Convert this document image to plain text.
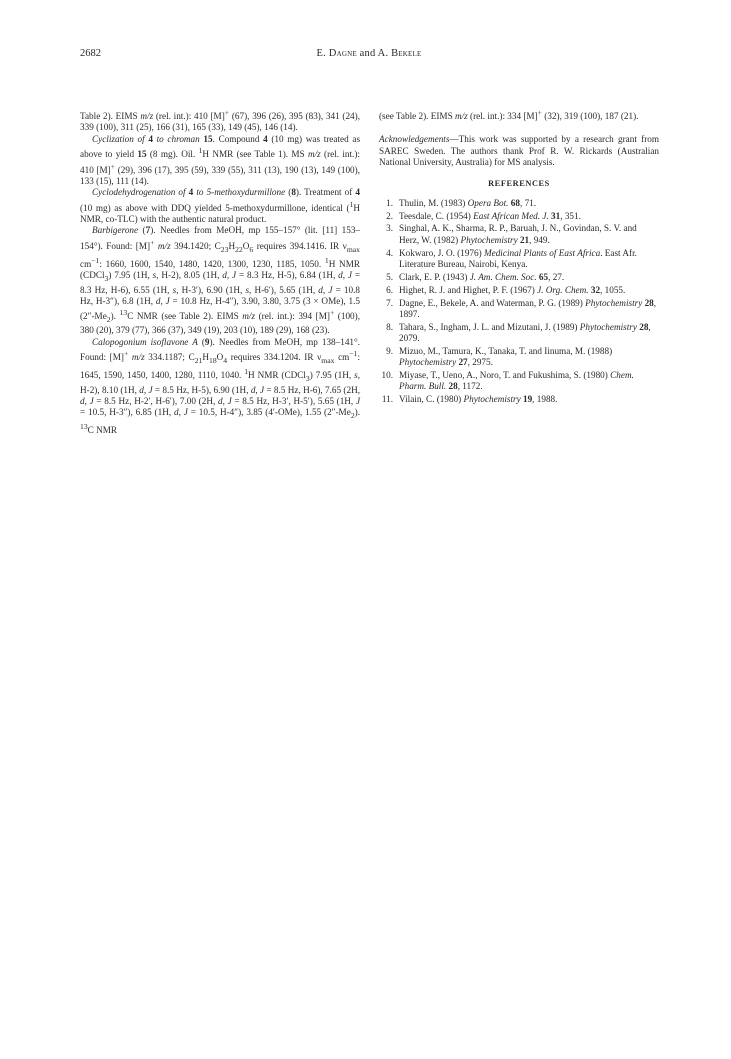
2682	E. Dagne and A. Bekele

Table 2). EIMS m/z (rel. int.): 410 [M]+ (67), 396 (26), 395 (83), 341 (24), 339 (100), 311 (25), 166 (31), 165 (33), 149 (45), 146 (14).

Cyclization of 4 to chroman 15. Compound 4 (10 mg) was treated as above to yield 15 (8 mg). Oil. $^1$H NMR (see Table 1). MS m/z (rel. int.): 410 [M]+ (29), 396 (17), 395 (59), 339 (55), 311 (13), 190 (13), 149 (100), 133 (15), 111 (14).

Cyclodehydrogenation of 4 to 5-methoxydurmillone (8). Treatment of 4 (10 mg) as above with DDQ yielded 5-methoxydurmillone, identical ($^1$H NMR, co-TLC) with the authentic natural product.

Barbigerone (7). Needles from MeOH, mp 155–157° (lit. [11] 153–154°). Found: [M]+ m/z 394.1420; $C_{23}H_{22}O_6$ requires 394.1416. IR $\nu_{max}$ $cm^{-1}$: 1660, 1600, 1540, 1480, 1420, 1300, 1230, 1185, 1050. $^1$H NMR (CDCl$_3$) 7.95 (1H, s, H-2), 8.05 (1H, d, J = 8.3 Hz, H-5), 6.84 (1H, d, J = 8.3 Hz, H-6), 6.55 (1H, s, H-3′), 6.90 (1H, s, H-6′), 5.65 (1H, d, J = 10.8 Hz, H-3″), 6.8 (1H, d, J = 10.8 Hz, H-4″), 3.90, 3.80, 3.75 (3 × OMe), 1.5 $(2''-Me_2)$. $^{13}$C NMR (see Table 2). EIMS m/z (rel. int.): 394 [M]+ (100), 380 (20), 379 (77), 366 (37), 349 (19), 203 (10), 189 (29), 168 (23).

Calopogonium isoflavone A (9). Needles from MeOH, mp 138–141°. Found: [M]+ m/z 334.1187; $C_{21}H_{18}O_4$ requires 334.1204. IR $\nu_{max}$ $cm^{-1}$: 1645, 1590, 1450, 1400, 1280, 1110, 1040. $^1$H NMR (CDCl$_3$) 7.95 (1H, s, H-2), 8.10 (1H, d, J = 8.5 Hz, H-5), 6.90 (1H, d, J = 8.5 Hz, H-6), 7.65 (2H, d, J = 8.5 Hz, H-2′, H-6′), 7.00 (2H, d, J = 8.5 Hz, H-3′, H-5′), 5.65 (1H, J = 10.5, H-3″), 6.85 (1H, d, J = 10.5, H-4″), 3.85 (4′-OMe), 1.55 $(2''-Me_2)$. $^{13}$C NMR

(see Table 2). EIMS m/z (rel. int.): 334 [M]+ (32), 319 (100), 187 (21).

Acknowledgements—This work was supported by a research grant from SAREC Sweden. The authors thank Prof R. W. Rickards (Australian National University, Australia) for MS analysis.

REFERENCES
1. Thulin, M. (1983) Opera Bot. 68, 71.
2. Teesdale, C. (1954) East African Med. J. 31, 351.
3. Singhal, A. K., Sharma, R. P., Baruah, J. N., Govindan, S. V. and Herz, W. (1982) Phytochemistry 21, 949.
4. Kokwaro, J. O. (1976) Medicinal Plants of East Africa. East Afr. Literature Bureau, Nairobi, Kenya.
5. Clark, E. P. (1943) J. Am. Chem. Soc. 65, 27.
6. Highet, R. J. and Highet, P. F. (1967) J. Org. Chem. 32, 1055.
7. Dagne, E., Bekele, A. and Waterman, P. G. (1989) Phytochemistry 28, 1897.
8. Tahara, S., Ingham, J. L. and Mizutani, J. (1989) Phytochemistry 28, 2079.
9. Mizuo, M., Tamura, K., Tanaka, T. and Iinuma, M. (1988) Phytochemistry 27, 2975.
10. Miyase, T., Ueno, A., Noro, T. and Fukushima, S. (1980) Chem. Pharm. Bull. 28, 1172.
11. Vilain, C. (1980) Phytochemistry 19, 1988.
